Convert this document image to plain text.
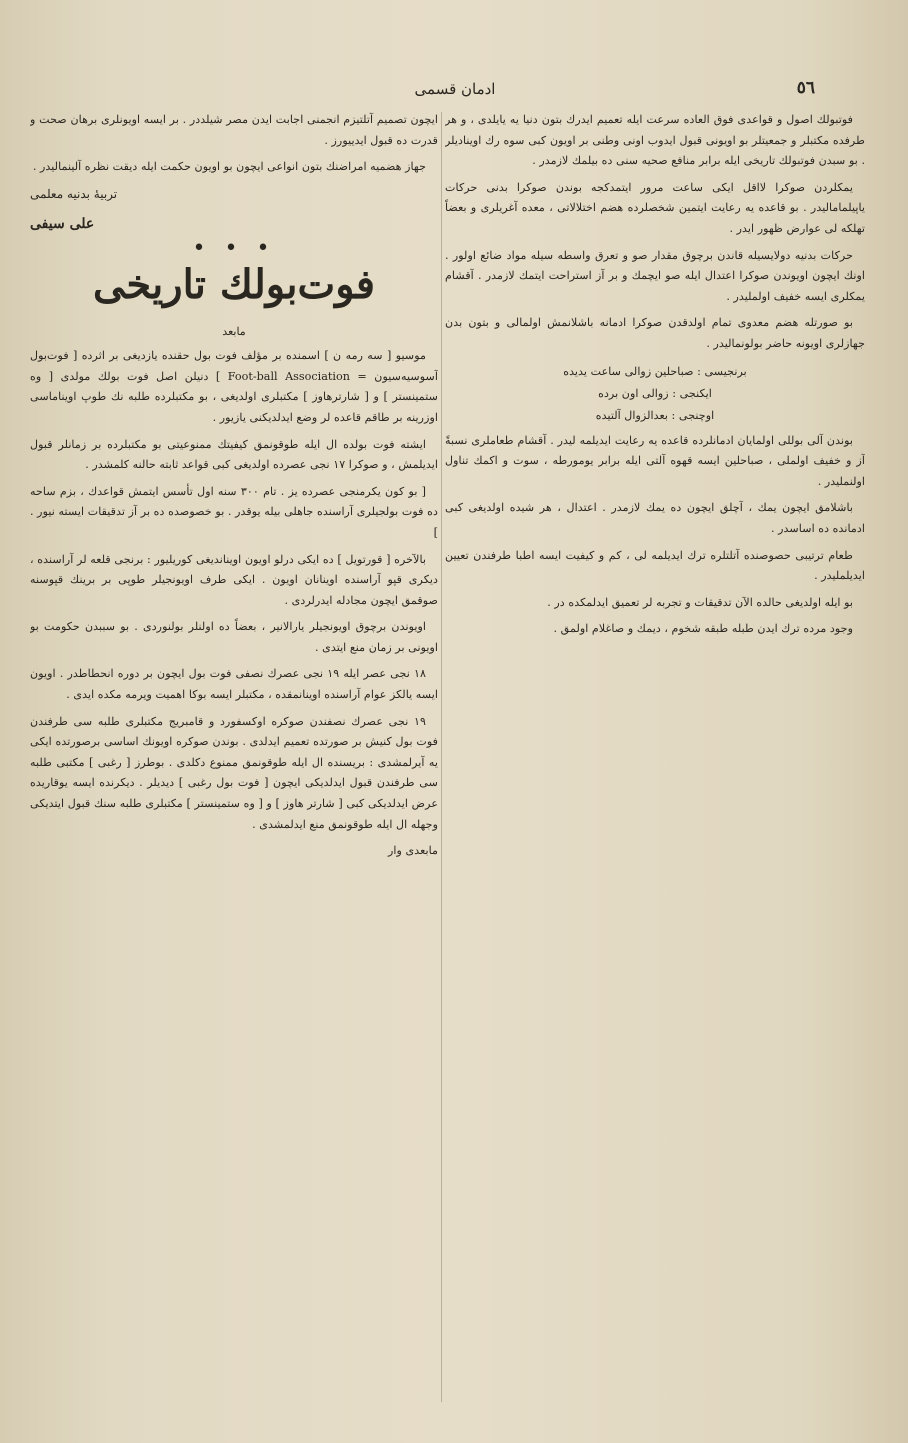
٥٦
ادمان قسمی

فوتبولك اصول و قواعدی فوق العاده سرعت ایله تعمیم ایدرك بتون دنیا یه یایلدی ، و هر طرفده مكتبلر و جمعیتلر بو اویونی قبول ایدوب اونی وطنی بر اویون كبی سوه رك اوینادیلر . بو سبدن فوتبولك تاریخی ایله برابر منافع صحیه سنی ده بیلمك لازمدر .

یمكلردن صوكرا لااقل ایكی ساعت مرور ایتمدكجه بوندن صوكرا بدنی حركات یاپیلمامالیدر . بو قاعده یه رعایت ایتمین شخصلرده هضم اختلالاتی ، معده آغریلری و بعضاً تهلكه لی عوارض ظهور ایدر .

حركات بدنیه دولایسیله قاندن برچوق مقدار صو و تعرق واسطه سیله مواد ضائع اولور . اونك ایچون اویوندن صوكرا اعتدال ایله صو ایچمك و بر آز استراحت ایتمك لازمدر . آقشام یمكلری ایسه خفیف اولملیدر .

بو صورتله هضم معدوی تمام اولدقدن صوكرا ادمانه باشلانمش اولمالی و بتون بدن جهازلری اویونه حاضر بولونمالیدر .

برنجیسی : صباحلین زوالی ساعت یدیده
ایكنجی : زوالی اون برده
اوچنجی : بعدالزوال آلتیده

بوندن آلی بوللی اولمایان ادمانلرده قاعده یه رعایت ایدیلمه لیدر . آقشام طعاملری نسبةً آز و خفیف اولملی ، صباحلین ایسه قهوه آلتی ایله برابر یومورطه ، سوت و اكمك تناول اولنملیدر .

باشلامق ایچون یمك ، آچلق ایچون ده یمك لازمدر . اعتدال ، هر شیده اولدیغی كبی ادمانده ده اساسدر .

طعام ترتیبی حصوصنده آتلتلره ترك ایدیلمه لی ، كم و كیفیت ایسه اطبا طرفندن تعیین ایدیلملیدر .

بو ایله اولدیغی حالده الآن تدقیقات و تجربه لر تعمیق ایدلمكده در .

وجود مرده ترك ایدن طبله طبقه شخوم ، دیمك و صاغلام اولمق .

ایچون تصمیم آتلتیزم انجمنی اجابت ایدن مصر شیلددر . بر ایسه اویونلری برهان صحت و قدرت ده قبول ایدییورز .

جهاز هضمیه امراضنك بتون انواعی ایچون بو اویون حكمت ایله دیقت نظره آلینمالیدر .

تربیهٔ بدنیه معلمی
علی سیفی
• • •
فوت‌بولك تاریخی
مابعد

موسیو [ سه رمه ن ] اسمنده بر مؤلف فوت بول حقنده یازدیغی بر اثرده [ فوت‌بول آسوسیه‌سیون = Foot-ball Association ] دنیلن اصل فوت بولك مولدی [ وه ستمینستر ] و [ شارترهاوز ] مكتبلری اولدیغی ، بو مكتبلرده طلبه نك طوپ اویناماسی اوزرینه بر طاقم قاعده لر وضع ایدلدیكنی یازیور .

ایشته فوت بولده ال ایله طوقونمق كیفیتك ممنوعیتی بو مكتبلرده بر زمانلر قبول ایدیلمش ، و صوكرا ۱۷ نجی عصرده اولدیغی كبی قواعد ثابته حالنه كلمشدر .

[ بو كون یكرمنجی عصرده یز . تام ۳۰۰ سنه اول تأسس ایتمش قواعدك ، بزم ساحه ده فوت بولجیلری آراسنده جاهلی بیله یوقدر . بو خصوصده ده بر آز تدقیقات ایسته نیور . ]

بالآخره [ قورتویل ] ده ایكی درلو اویون اویناندیغی كوریلیور : برنجی قلعه لر آراسنده ، دیكری قپو آراسنده اوینانان اویون . ایكی طرف اویونجیلر طوپی بر برینك قپوسنه صوقمق ایچون مجادله ایدرلردی .

اویوندن برچوق اویونجیلر یارالانیر ، بعضاً ده اولنلر بولنوردی . بو سببدن حكومت بو اویونی بر زمان منع ایتدی .

۱۸ نجی عصر ایله ۱۹ نجی عصرك نصفی فوت بول ایچون بر دوره انحطاطدر . اویون ایسه یالكز عوام آراسنده اوینانمقده ، مكتبلر ایسه بوكا اهمیت ویرمه مكده ایدی .

۱۹ نجی عصرك نصفندن صوكره اوكسفورد و قامبریج مكتبلری طلبه سی طرفندن فوت بول كنیش بر صورتده تعمیم ایدلدی . بوندن صوكره اویونك اساسی برصورتده ایكی یه آیرلمشدی : بریسنده ال ایله طوقونمق ممنوع دكلدی . بوطرز [ رغبی ] مكتبی طلبه سی طرفندن قبول ایدلدیكی ایچون [ فوت بول رغبی ] دیدیلر . دیكرنده ایسه یوقاریده عرض ایدلدیكی كبی [ شارتر هاوز ] و [ وه ستمینستر ] مكتبلری طلبه سنك قبول ایتدیكی وجهله ال ایله طوقونمق منع ایدلمشدی .

مابعدی وار
